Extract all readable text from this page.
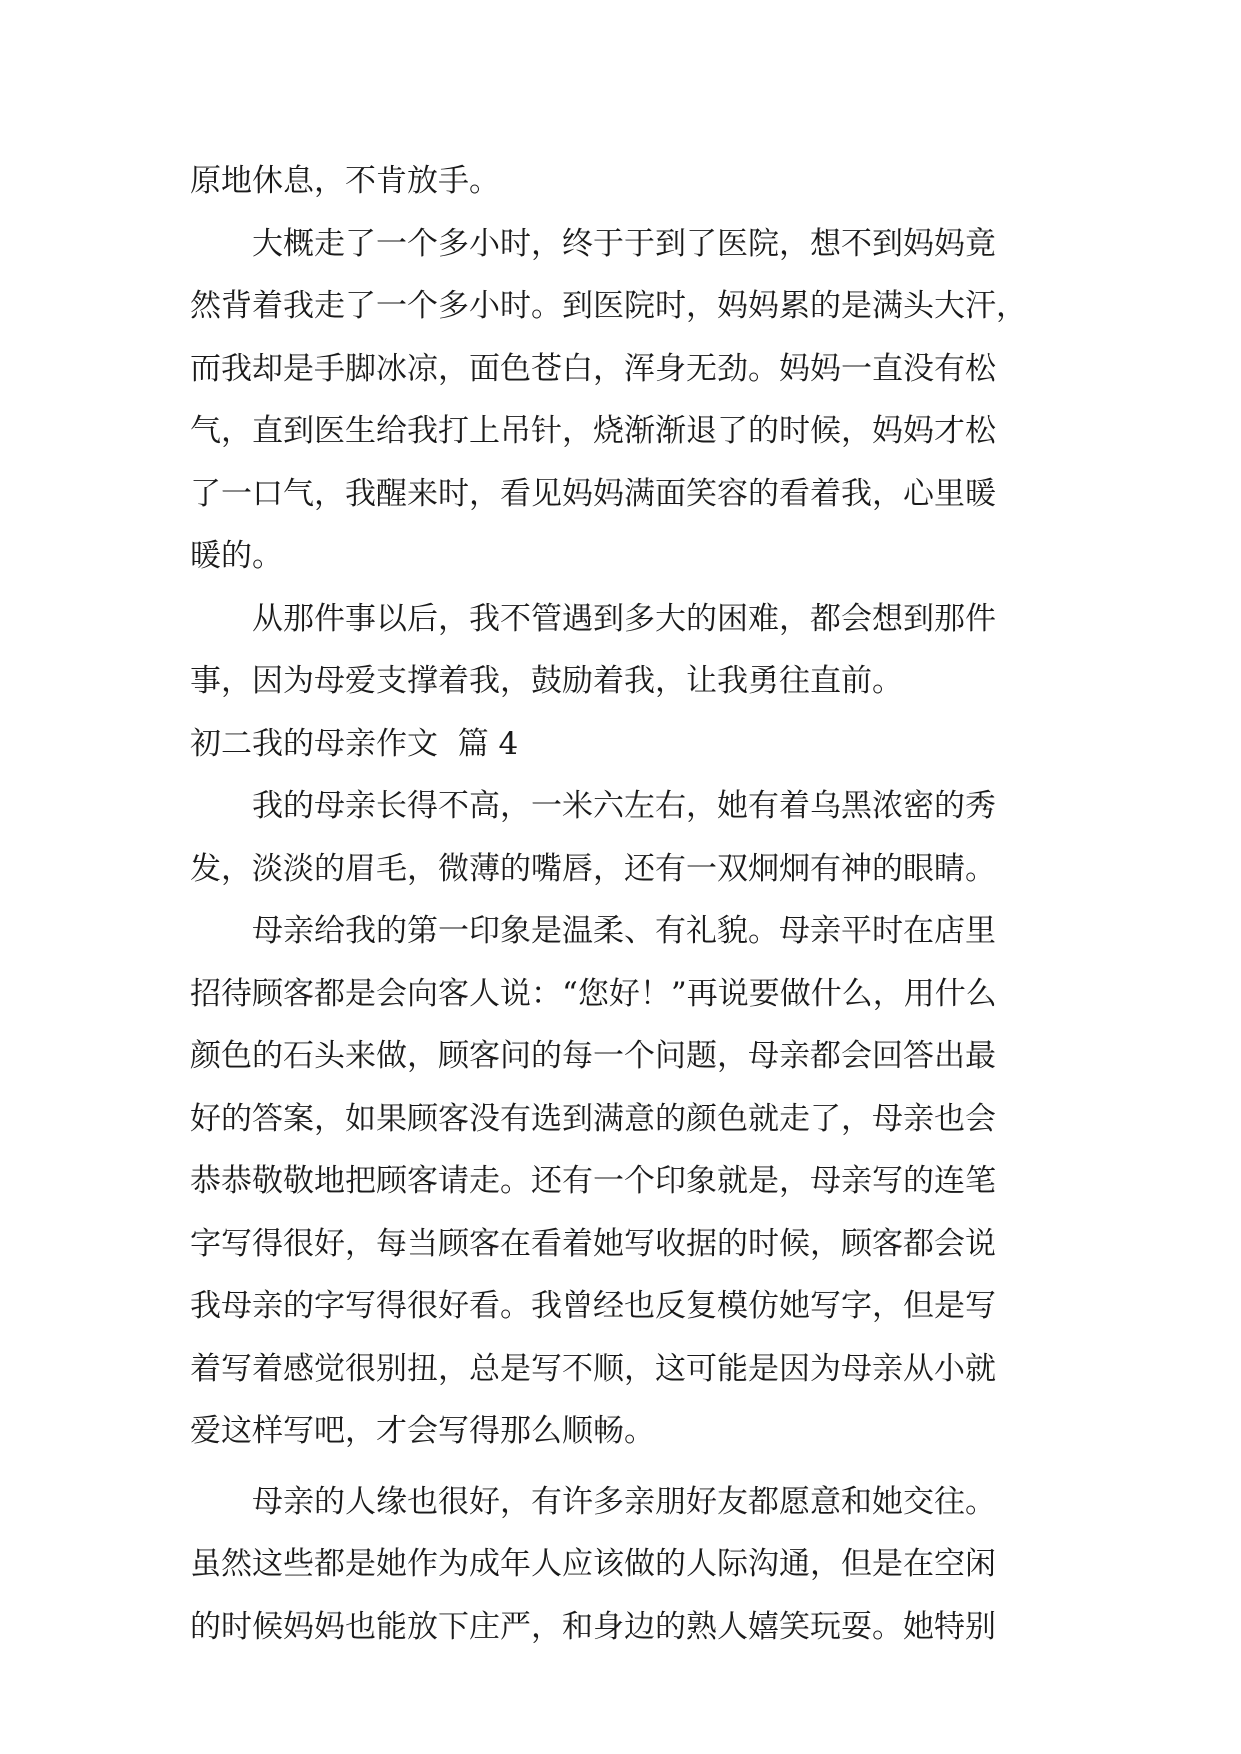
原地休息，不肯放手。

大概走了一个多小时，终于于到了医院，想不到妈妈竟
然背着我走了一个多小时。到医院时，妈妈累的是满头大汗，
而我却是手脚冰凉，面色苍白，浑身无劲。妈妈一直没有松
气，直到医生给我打上吊针，烧渐渐退了的时候，妈妈才松
了一口气，我醒来时，看见妈妈满面笑容的看着我，心里暖
暖的。

从那件事以后，我不管遇到多大的困难，都会想到那件
事，因为母爱支撑着我，鼓励着我，让我勇往直前。

初二我的母亲作文  篇 4

我的母亲长得不高，一米六左右，她有着乌黑浓密的秀
发，淡淡的眉毛，微薄的嘴唇，还有一双炯炯有神的眼睛。

母亲给我的第一印象是温柔、有礼貌。母亲平时在店里
招待顾客都是会向客人说：“您好！”再说要做什么，用什么
颜色的石头来做，顾客问的每一个问题，母亲都会回答出最
好的答案，如果顾客没有选到满意的颜色就走了，母亲也会
恭恭敬敬地把顾客请走。还有一个印象就是，母亲写的连笔
字写得很好，每当顾客在看着她写收据的时候，顾客都会说
我母亲的字写得很好看。我曾经也反复模仿她写字，但是写
着写着感觉很别扭，总是写不顺，这可能是因为母亲从小就
爱这样写吧，才会写得那么顺畅。

母亲的人缘也很好，有许多亲朋好友都愿意和她交往。
虽然这些都是她作为成年人应该做的人际沟通，但是在空闲
的时候妈妈也能放下庄严，和身边的熟人嬉笑玩耍。她特别
